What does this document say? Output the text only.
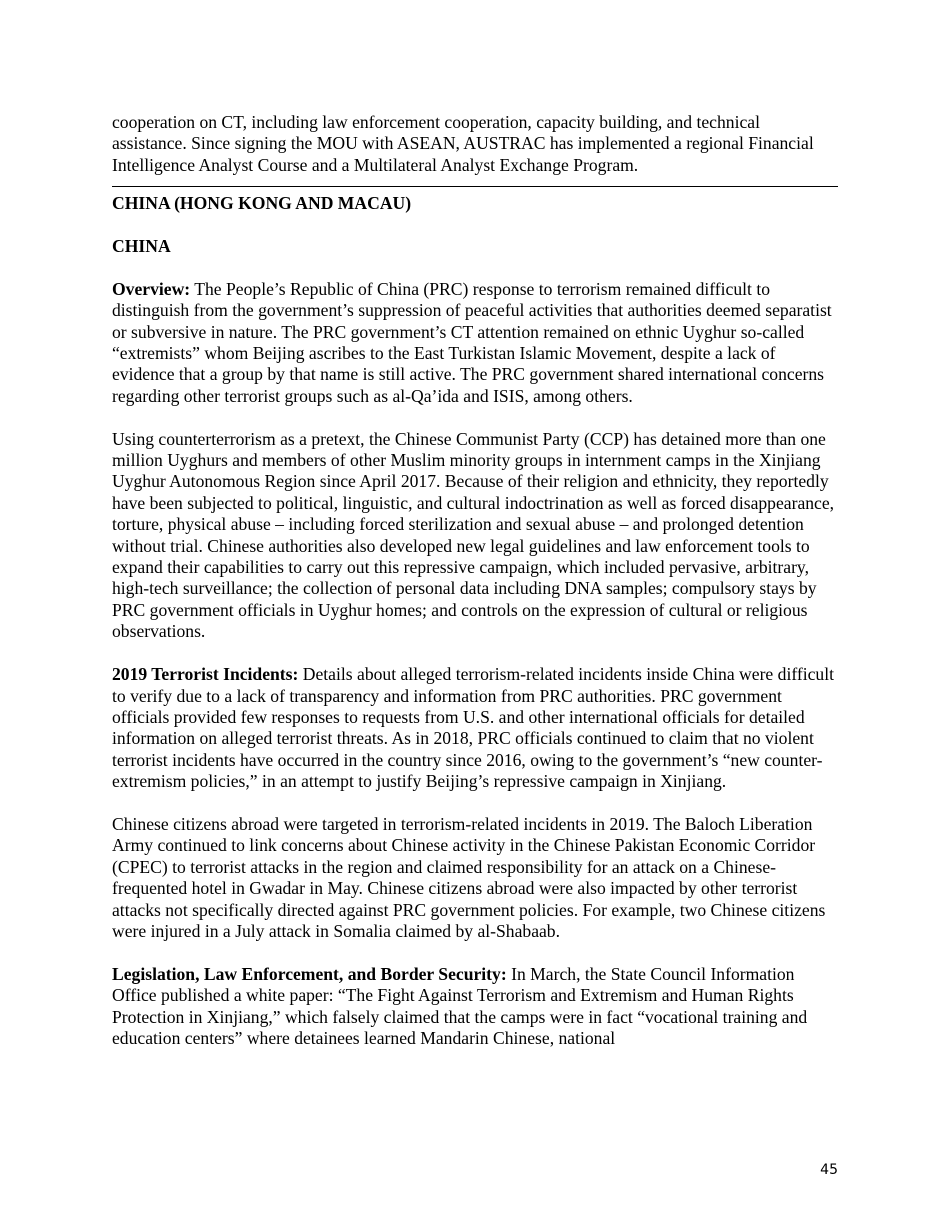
cooperation on CT, including law enforcement cooperation, capacity building, and technical assistance. Since signing the MOU with ASEAN, AUSTRAC has implemented a regional Financial Intelligence Analyst Course and a Multilateral Analyst Exchange Program.

CHINA (HONG KONG AND MACAU)
CHINA

Overview: The People’s Republic of China (PRC) response to terrorism remained difficult to distinguish from the government’s suppression of peaceful activities that authorities deemed separatist or subversive in nature. The PRC government’s CT attention remained on ethnic Uyghur so-called “extremists” whom Beijing ascribes to the East Turkistan Islamic Movement, despite a lack of evidence that a group by that name is still active. The PRC government shared international concerns regarding other terrorist groups such as al-Qa’ida and ISIS, among others.

Using counterterrorism as a pretext, the Chinese Communist Party (CCP) has detained more than one million Uyghurs and members of other Muslim minority groups in internment camps in the Xinjiang Uyghur Autonomous Region since April 2017. Because of their religion and ethnicity, they reportedly have been subjected to political, linguistic, and cultural indoctrination as well as forced disappearance, torture, physical abuse – including forced sterilization and sexual abuse – and prolonged detention without trial. Chinese authorities also developed new legal guidelines and law enforcement tools to expand their capabilities to carry out this repressive campaign, which included pervasive, arbitrary, high-tech surveillance; the collection of personal data including DNA samples; compulsory stays by PRC government officials in Uyghur homes; and controls on the expression of cultural or religious observations.

2019 Terrorist Incidents: Details about alleged terrorism-related incidents inside China were difficult to verify due to a lack of transparency and information from PRC authorities. PRC government officials provided few responses to requests from U.S. and other international officials for detailed information on alleged terrorist threats. As in 2018, PRC officials continued to claim that no violent terrorist incidents have occurred in the country since 2016, owing to the government’s “new counter-extremism policies,” in an attempt to justify Beijing’s repressive campaign in Xinjiang.

Chinese citizens abroad were targeted in terrorism-related incidents in 2019. The Baloch Liberation Army continued to link concerns about Chinese activity in the Chinese Pakistan Economic Corridor (CPEC) to terrorist attacks in the region and claimed responsibility for an attack on a Chinese-frequented hotel in Gwadar in May. Chinese citizens abroad were also impacted by other terrorist attacks not specifically directed against PRC government policies. For example, two Chinese citizens were injured in a July attack in Somalia claimed by al-Shabaab.

Legislation, Law Enforcement, and Border Security: In March, the State Council Information Office published a white paper: “The Fight Against Terrorism and Extremism and Human Rights Protection in Xinjiang,” which falsely claimed that the camps were in fact “vocational training and education centers” where detainees learned Mandarin Chinese, national

45
